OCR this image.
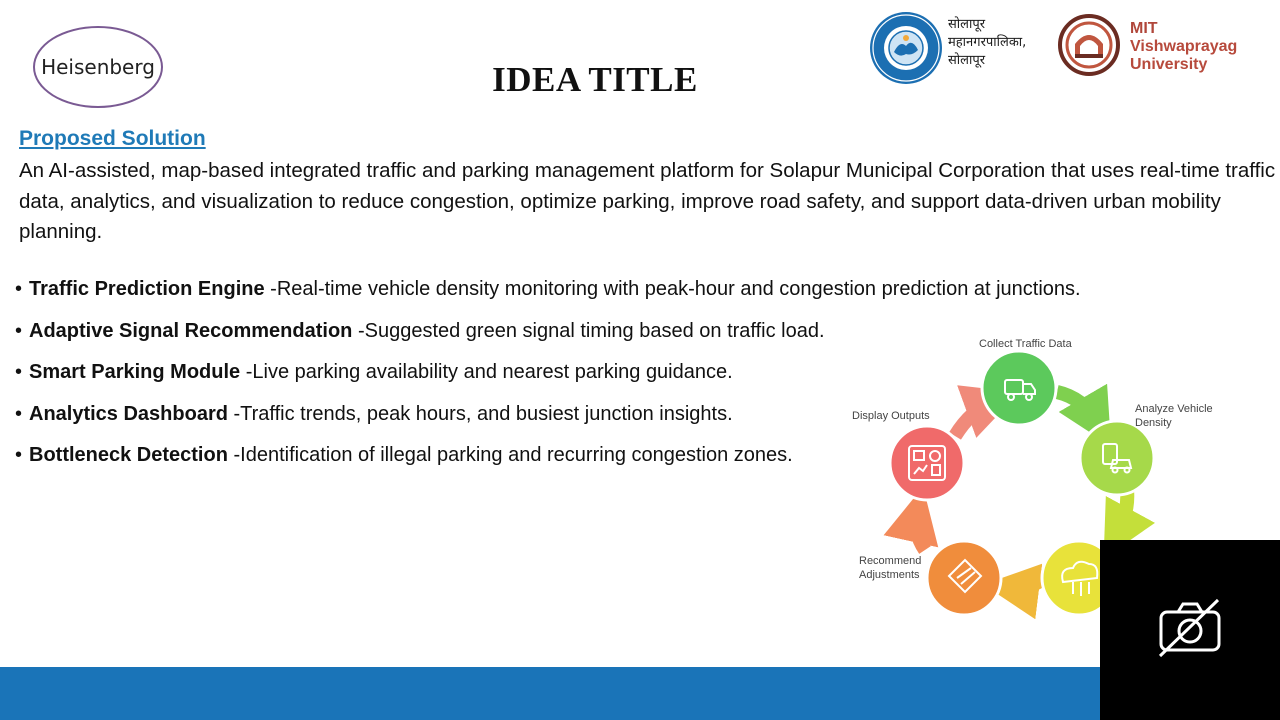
Heisenberg	IDEA TITLE
सोलापूर
महानगरपालिका,
सोलापूर
MIT
Vishwaprayag
University
Proposed Solution
An AI-assisted, map-based integrated traffic and parking management platform for Solapur Municipal Corporation that uses real-time traffic data, analytics, and visualization to reduce congestion, optimize parking, improve road safety, and support data-driven urban mobility planning.
• Traffic Prediction Engine -Real-time vehicle density monitoring with peak-hour and congestion prediction at junctions.
• Adaptive Signal Recommendation -Suggested green signal timing based on traffic load.
• Smart Parking Module -Live parking availability and nearest parking guidance.
• Analytics Dashboard -Traffic trends, peak hours, and busiest junction insights.
• Bottleneck Detection -Identification of illegal parking and recurring congestion zones.
Collect Traffic Data
Analyze Vehicle Density
Recommend Adjustments
Display Outputs
